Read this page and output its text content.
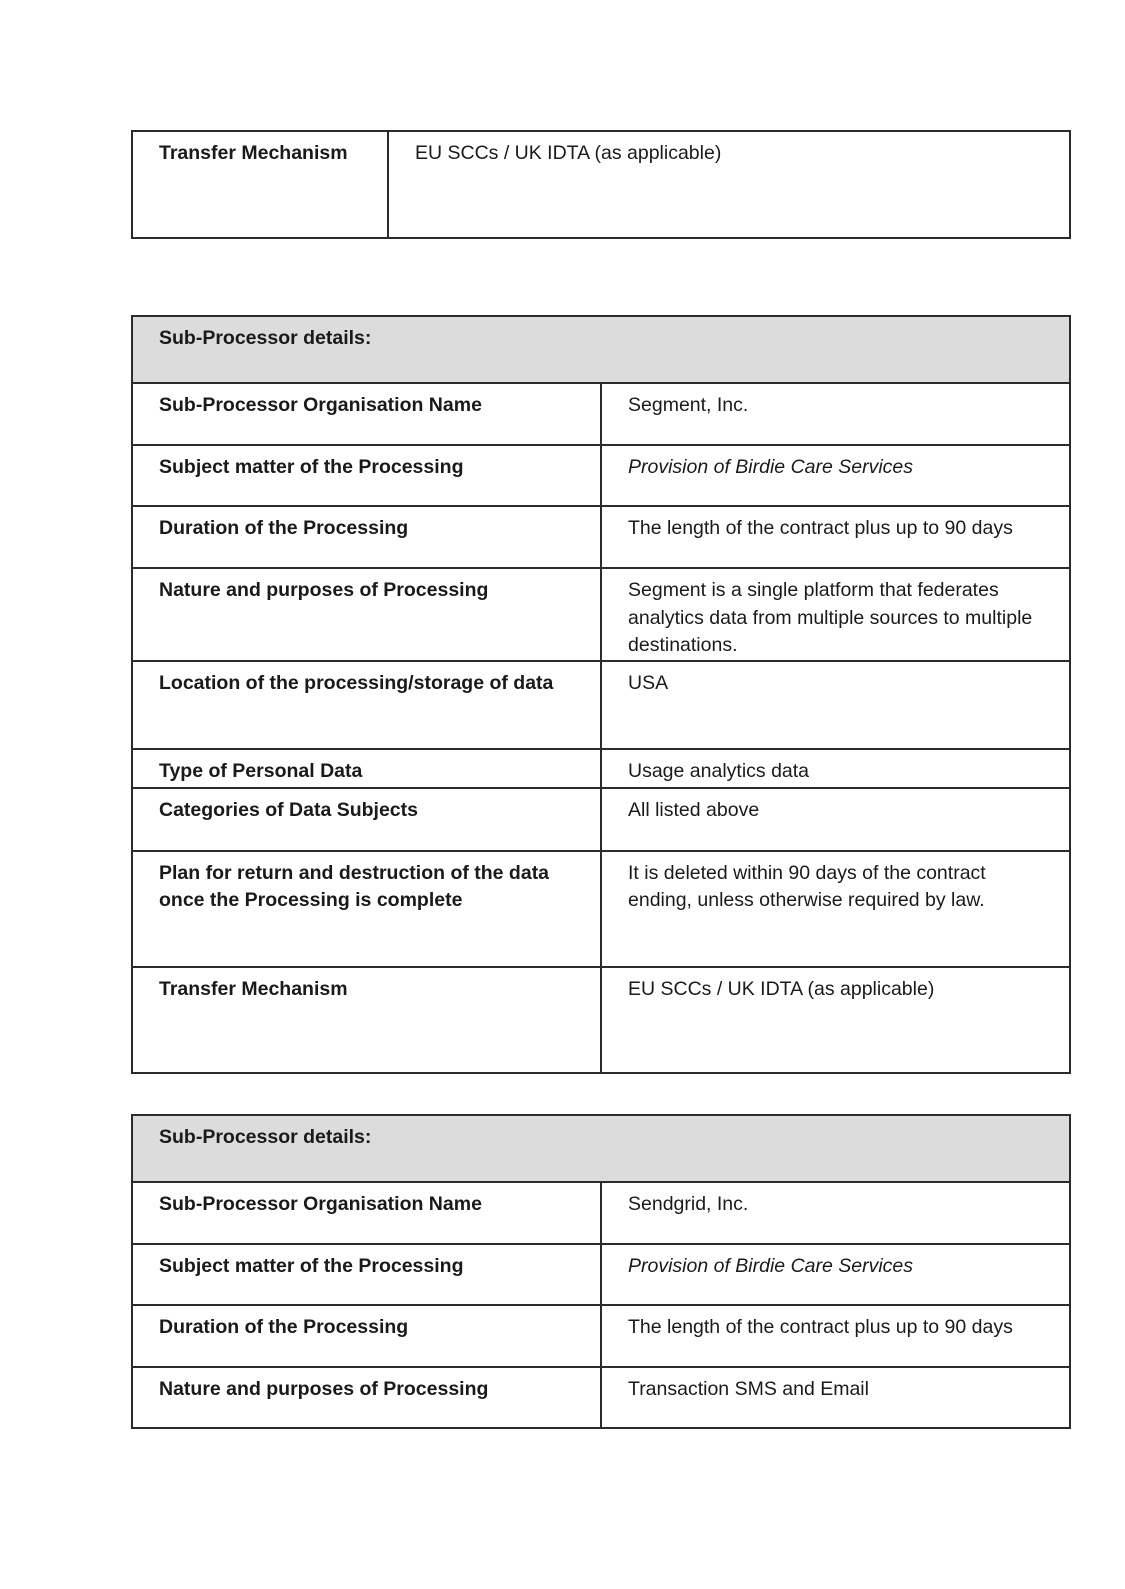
Transfer Mechanism	EU SCCs / UK IDTA (as applicable)
Sub-Processor details:	
Sub-Processor Organisation Name	Segment, Inc.
Subject matter of the Processing	Provision of Birdie Care Services
Duration of the Processing	The length of the contract plus up to 90 days
Nature and purposes of Processing	Segment is a single platform that federates analytics data from multiple sources to multiple destinations.
Location of the processing/storage of data	USA
Type of Personal Data	Usage analytics data
Categories of Data Subjects	All listed above
Plan for return and destruction of the data once the Processing is complete	It is deleted within 90 days of the contract ending, unless otherwise required by law.
Transfer Mechanism	EU SCCs / UK IDTA (as applicable)
Sub-Processor details:	
Sub-Processor Organisation Name	Sendgrid, Inc.
Subject matter of the Processing	Provision of Birdie Care Services
Duration of the Processing	The length of the contract plus up to 90 days
Nature and purposes of Processing	Transaction SMS and Email
